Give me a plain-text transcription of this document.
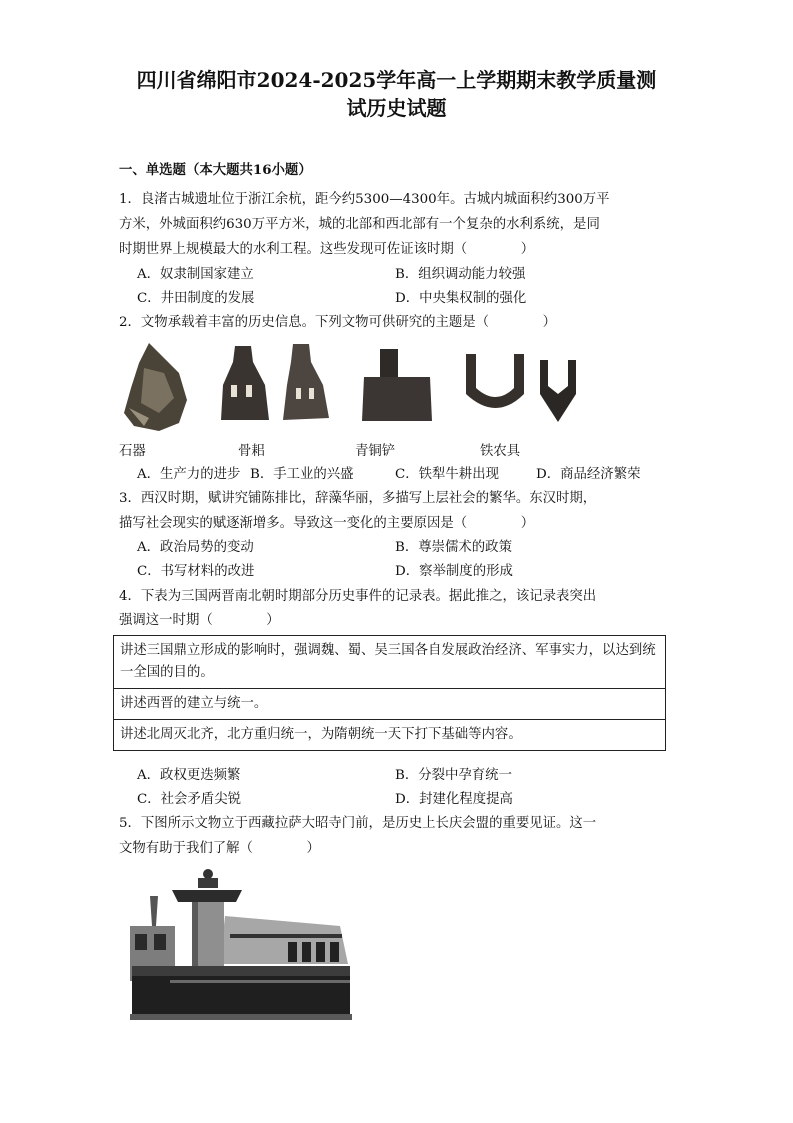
四川省绵阳市2024-2025学年高一上学期期末教学质量测
试历史试题
一、单选题（本大题共16小题）
1．良渚古城遗址位于浙江余杭，距今约5300—4300年。古城内城面积约300万平
方米，外城面积约630万平方米，城的北部和西北部有一个复杂的水利系统，是同
时期世界上规模最大的水利工程。这些发现可佐证该时期（　　　　）
A．奴隶制国家建立	B．组织调动能力较强
C．井田制度的发展	D．中央集权制的强化
2．文物承载着丰富的历史信息。下列文物可供研究的主题是（　　　　）
石器	骨耜	青铜铲	铁农具
A．生产力的进步 B．手工业的兴盛	C．铁犁牛耕出现	D．商品经济繁荣
3．西汉时期，赋讲究铺陈排比，辞藻华丽，多描写上层社会的繁华。东汉时期，
描写社会现实的赋逐渐增多。导致这一变化的主要原因是（　　　　）
A．政治局势的变动	B．尊崇儒术的政策
C．书写材料的改进	D．察举制度的形成
4．下表为三国两晋南北朝时期部分历史事件的记录表。据此推之，该记录表突出
强调这一时期（　　　　）
讲述三国鼎立形成的影响时，强调魏、蜀、吴三国各自发展政治经济、军事实力，以达到统一全国的目的。
讲述西晋的建立与统一。
讲述北周灭北齐，北方重归统一，为隋朝统一天下打下基础等内容。
A．政权更迭频繁	B．分裂中孕育统一
C．社会矛盾尖锐	D．封建化程度提高
5．下图所示文物立于西藏拉萨大昭寺门前，是历史上长庆会盟的重要见证。这一
文物有助于我们了解（　　　　）
